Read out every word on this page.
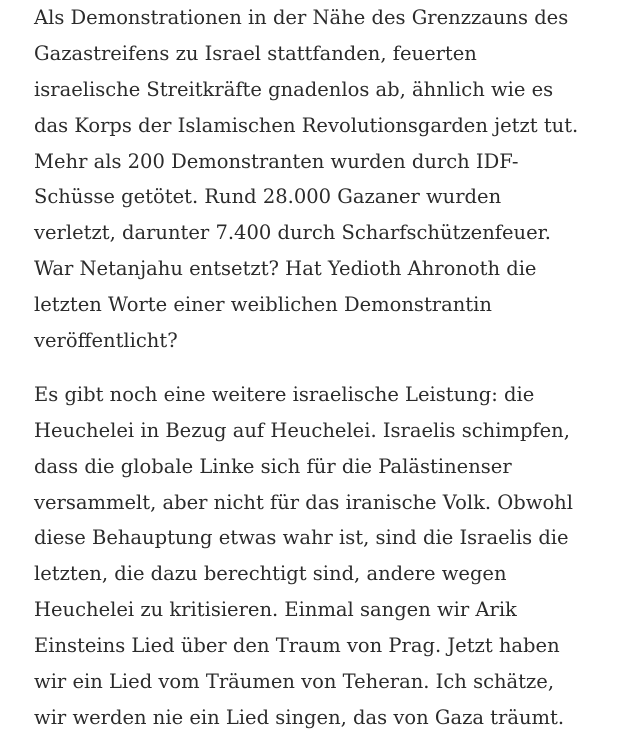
Als Demonstrationen in der Nähe des Grenzzauns des
Gazastreifens zu Israel stattfanden, feuerten
israelische Streitkräfte gnadenlos ab, ähnlich wie es
das Korps der Islamischen Revolutionsgarden jetzt tut.
Mehr als 200 Demonstranten wurden durch IDF-
Schüsse getötet. Rund 28.000 Gazaner wurden
verletzt, darunter 7.400 durch Scharfschützenfeuer.
War Netanjahu entsetzt? Hat Yedioth Ahronoth die
letzten Worte einer weiblichen Demonstrantin
veröffentlicht?

Es gibt noch eine weitere israelische Leistung: die
Heuchelei in Bezug auf Heuchelei. Israelis schimpfen,
dass die globale Linke sich für die Palästinenser
versammelt, aber nicht für das iranische Volk. Obwohl
diese Behauptung etwas wahr ist, sind die Israelis die
letzten, die dazu berechtigt sind, andere wegen
Heuchelei zu kritisieren. Einmal sangen wir Arik
Einsteins Lied über den Traum von Prag. Jetzt haben
wir ein Lied vom Träumen von Teheran. Ich schätze,
wir werden nie ein Lied singen, das von Gaza träumt.
